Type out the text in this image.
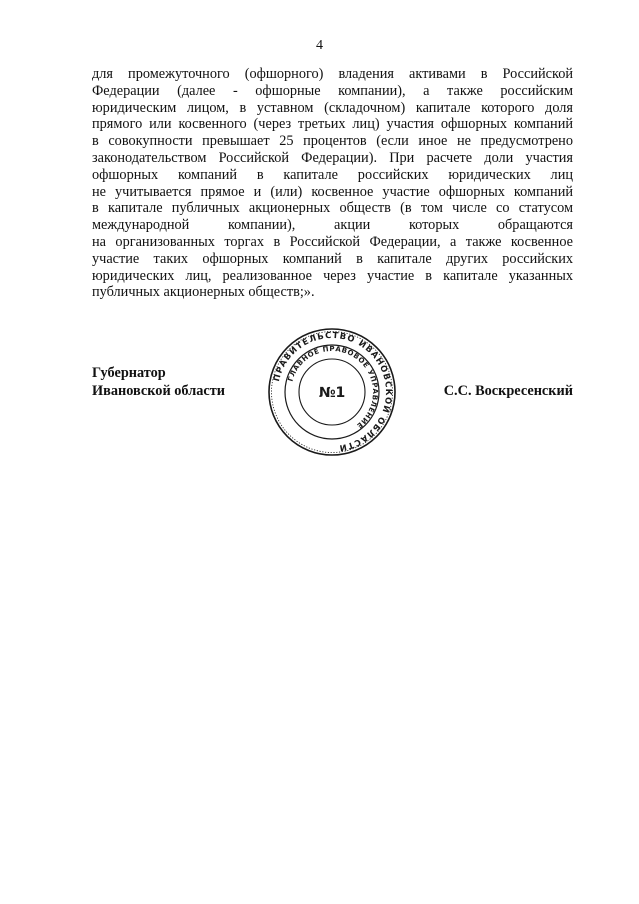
4
для промежуточного (офшорного) владения активами в Российской
Федерации (далее - офшорные компании), а также российским
юридическим лицом, в уставном (складочном) капитале которого доля
прямого или косвенного (через третьих лиц) участия офшорных компаний
в совокупности превышает 25 процентов (если иное не предусмотрено
законодательством Российской Федерации). При расчете доли участия
офшорных компаний в капитале российских юридических лиц
не учитывается прямое и (или) косвенное участие офшорных компаний
в капитале публичных акционерных обществ (в том числе со статусом
международной компании), акции которых обращаются
на организованных торгах в Российской Федерации, а также косвенное
участие таких офшорных компаний в капитале других российских
юридических лиц, реализованное через участие в капитале указанных
публичных акционерных обществ;».
Губернатор
Ивановской области
ПРАВИТЕЛЬСТВО ИВАНОВСКОЙ ОБЛАСТИ
ГЛАВНОЕ ПРАВОВОЕ УПРАВЛЕНИЕ
№1	С.С. Воскресенский
